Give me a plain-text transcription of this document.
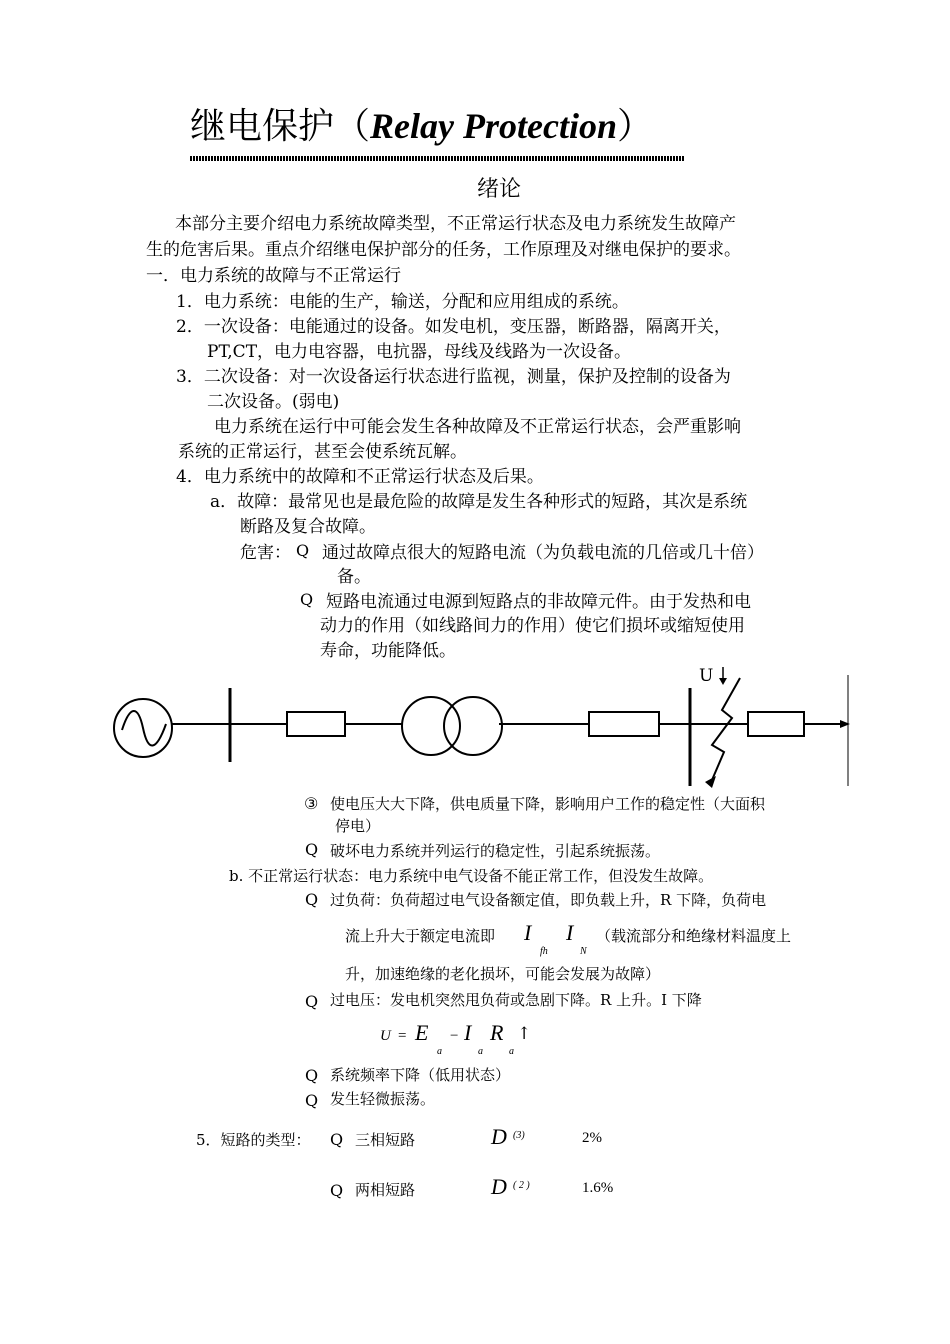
继电保护（Relay Protection）
绪论
本部分主要介绍电力系统故障类型，不正常运行状态及电力系统发生故障产
生的危害后果。重点介绍继电保护部分的任务，工作原理及对继电保护的要求。
一．电力系统的故障与不正常运行
1．电力系统：电能的生产，输送，分配和应用组成的系统。
2．一次设备：电能通过的设备。如发电机，变压器，断路器，隔离开关，
PT,CT，电力电容器，电抗器，母线及线路为一次设备。
3．二次设备：对一次设备运行状态进行监视，测量，保护及控制的设备为
二次设备。(弱电)
电力系统在运行中可能会发生各种故障及不正常运行状态，会严重影响
系统的正常运行，甚至会使系统瓦解。
4．电力系统中的故障和不正常运行状态及后果。
a．故障：最常见也是最危险的故障是发生各种形式的短路，其次是系统
断路及复合故障。
危害： Q 通过故障点很大的短路电流（为负载电流的几倍或几十倍）
备。
Q 短路电流通过电源到短路点的非故障元件。由于发热和电
动力的作用（如线路间力的作用）使它们损坏或缩短使用
寿命，功能降低。
U
③ 使电压大大下降，供电质量下降，影响用户工作的稳定性（大面积
停电）
Q 破坏电力系统并列运行的稳定性，引起系统振荡。
b. 不正常运行状态：电力系统中电气设备不能正常工作，但没发生故障。
Q 过负荷：负荷超过电气设备额定值，即负载上升，R 下降，负荷电
流上升大于额定电流即 I
fh
I
N
（载流部分和绝缘材料温度上
升，加速绝缘的老化损坏，可能会发展为故障）
Q 过电压：发电机突然甩负荷或急剧下降。R 上升。I 下降
U = E
a
− I
a
R
a
↑
Q 系统频率下降（低用状态）
Q 发生轻微振荡。
5．短路的类型： Q 三相短路	D (3)	2%
Q 两相短路	D ( 2 )	1.6%
